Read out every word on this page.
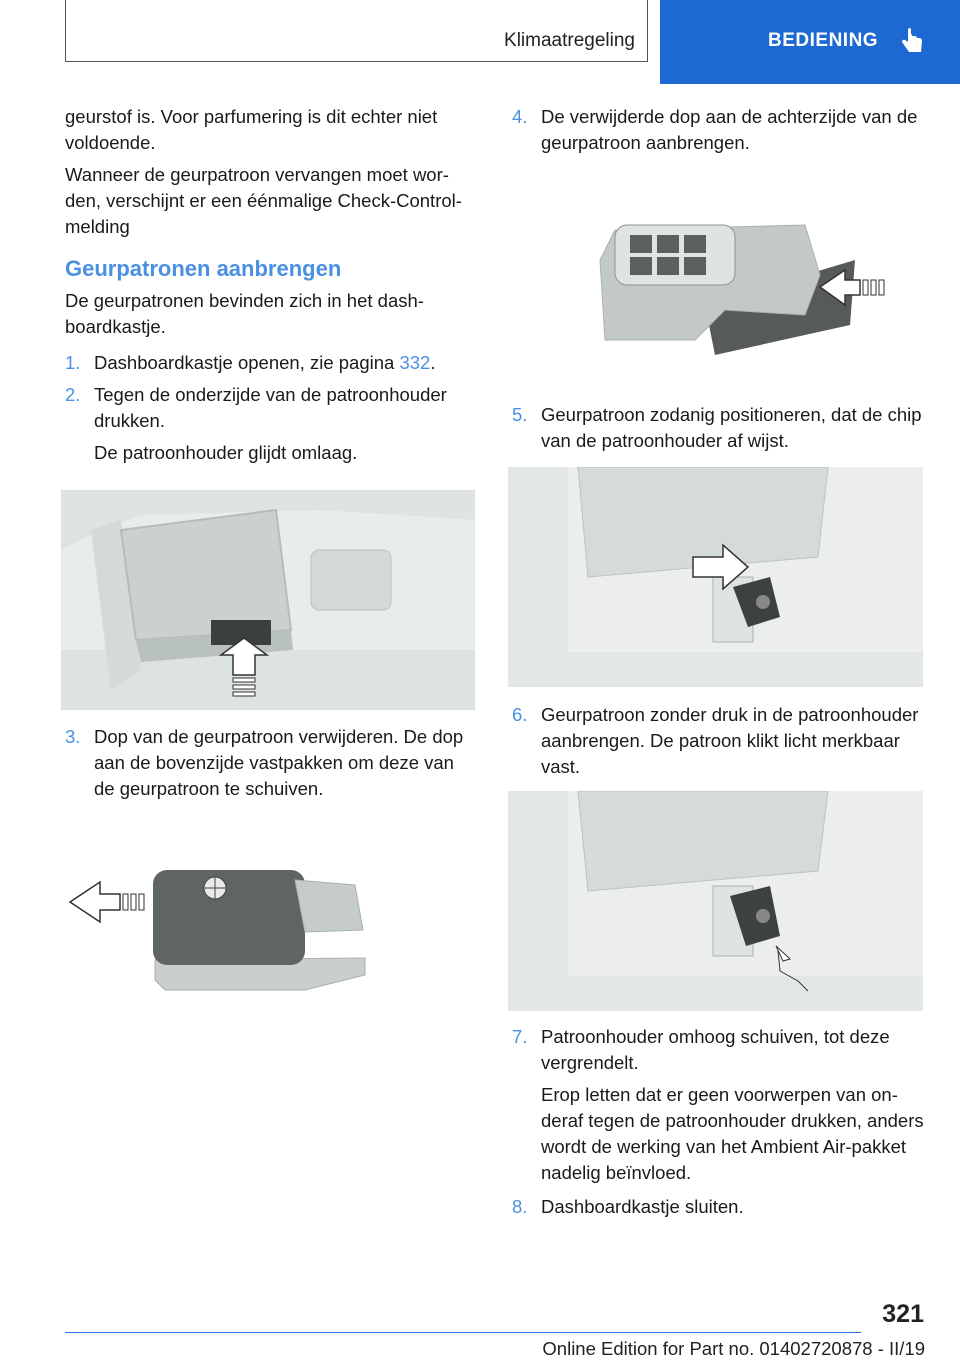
Klimaatregeling	BEDIENING

geurstof is. Voor parfumering is dit echter niet voldoende.

Wanneer de geurpatroon vervangen moet worden, verschijnt er een éénmalige Check-Control-melding

Geurpatronen aanbrengen

De geurpatronen bevinden zich in het dashboardkastje.

1. Dashboardkastje openen, zie pagina 332.
2. Tegen de onderzijde van de patroonhouder drukken.
De patroonhouder glijdt omlaag.
3. Dop van de geurpatroon verwijderen. De dop aan de bovenzijde vastpakken om deze van de geurpatroon te schuiven.
4. De verwijderde dop aan de achterzijde van de geurpatroon aanbrengen.
5. Geurpatroon zodanig positioneren, dat de chip van de patroonhouder af wijst.
6. Geurpatroon zonder druk in de patroonhouder aanbrengen. De patroon klikt licht merkbaar vast.
7. Patroonhouder omhoog schuiven, tot deze vergrendelt.
Erop letten dat er geen voorwerpen van onderaf tegen de patroonhouder drukken, anders wordt de werking van het Ambient Air-pakket nadelig beïnvloed.
8. Dashboardkastje sluiten.
321
Online Edition for Part no. 01402720878 - II/19
